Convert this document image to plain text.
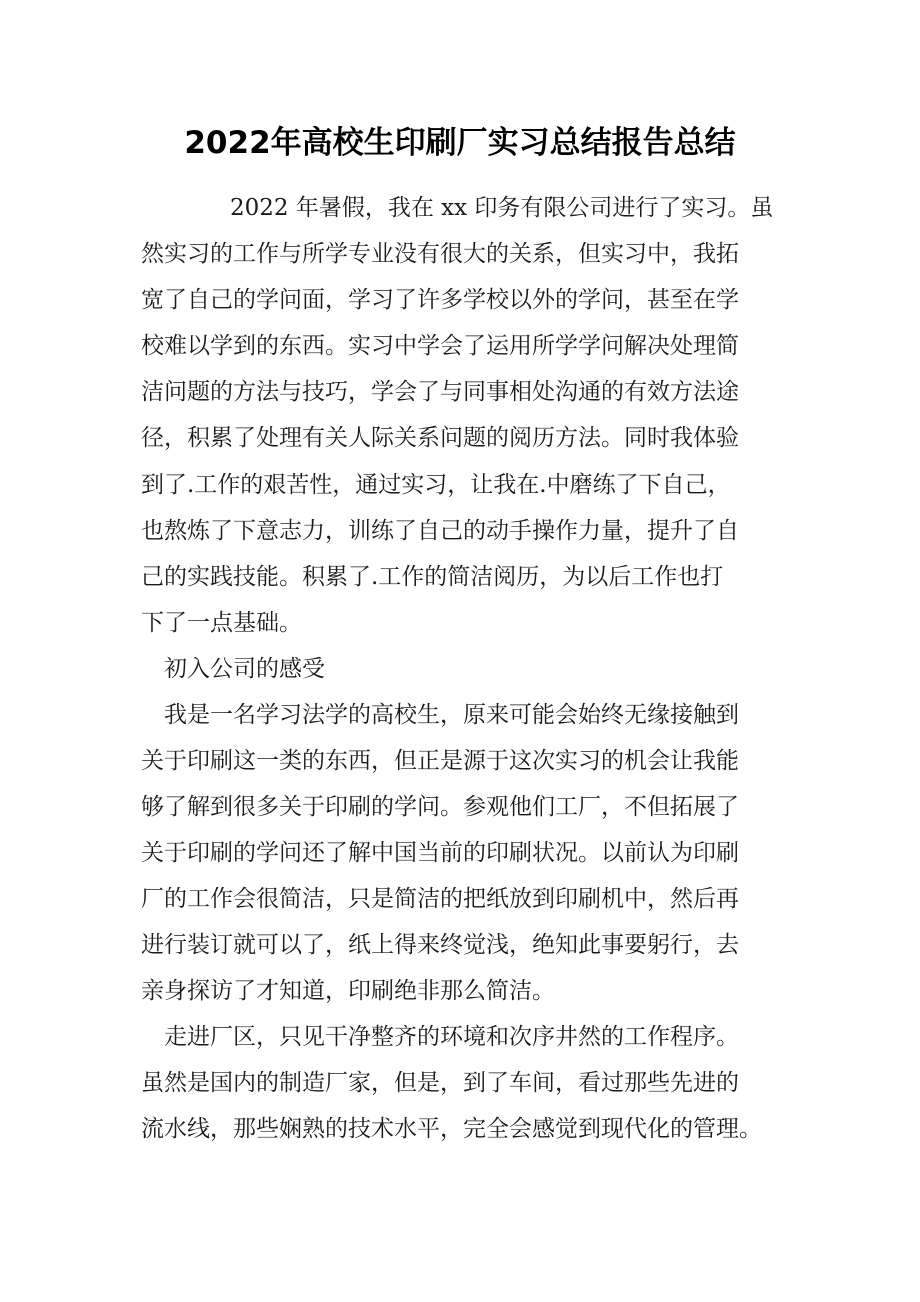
2022年高校生印刷厂实习总结报告总结

2022 年暑假，我在 xx 印务有限公司进行了实习。虽

然实习的工作与所学专业没有很大的关系，但实习中，我拓

宽了自己的学问面，学习了许多学校以外的学问，甚至在学

校难以学到的东西。实习中学会了运用所学学问解决处理简

洁问题的方法与技巧，学会了与同事相处沟通的有效方法途

径，积累了处理有关人际关系问题的阅历方法。同时我体验

到了.工作的艰苦性，通过实习，让我在.中磨练了下自己，

也熬炼了下意志力，训练了自己的动手操作力量，提升了自

己的实践技能。积累了.工作的简洁阅历，为以后工作也打

下了一点基础。

初入公司的感受

我是一名学习法学的高校生，原来可能会始终无缘接触到

关于印刷这一类的东西，但正是源于这次实习的机会让我能

够了解到很多关于印刷的学问。参观他们工厂，不但拓展了

关于印刷的学问还了解中国当前的印刷状况。以前认为印刷

厂的工作会很简洁，只是简洁的把纸放到印刷机中，然后再

进行装订就可以了，纸上得来终觉浅，绝知此事要躬行，去

亲身探访了才知道，印刷绝非那么简洁。

走进厂区，只见干净整齐的环境和次序井然的工作程序。

虽然是国内的制造厂家，但是，到了车间，看过那些先进的

流水线，那些娴熟的技术水平，完全会感觉到现代化的管理。
